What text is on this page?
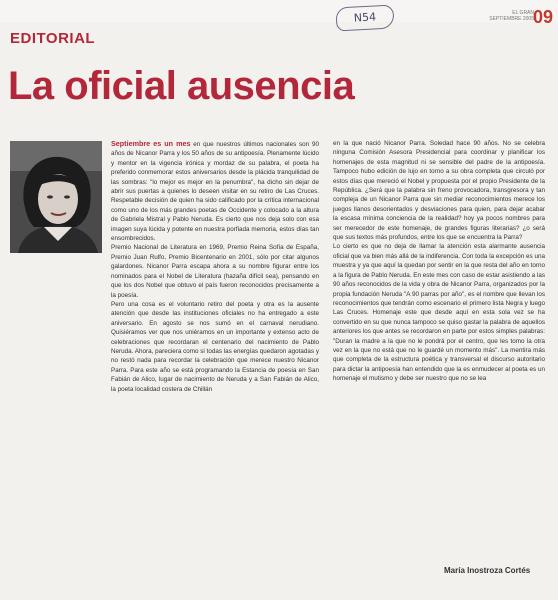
N54	EL GRAN
SEPTIEMBRE 2005 09
EDITORIAL
La oficial ausencia

Septiembre es un mes en que nuestros últimos nacionales son 90 años de Nicanor Parra y los 50 años de su antipoesía. Plenamente lúcido y mentor en la vigencia irónica y mordaz de su palabra, el poeta ha preferido conmemorar estos aniversarios desde la plácida tranquilidad de las sombras: "lo mejor es mejor en la penumbra", ha dicho sin dejar de abrir sus puertas a quienes lo deseen visitar en su retiro de Las Cruces. Respetable decisión de quien ha sido calificado por la crítica internacional como uno de los más grandes poetas de Occidente y colocado a la altura de Gabriela Mistral y Pablo Neruda. Es cierto que nos deja solo con esa imagen suya lúcida y potente en nuestra porfiada memoria, estos días tan ensombrecidos.
Premio Nacional de Literatura en 1969, Premio Reina Sofía de España, Premio Juan Rulfo, Premio Bicentenario en 2001, sólo por citar algunos galardones. Nicanor Parra escapa ahora a su nombre figurar entre los nominados para el Nobel de Literatura (hazaña difícil sea), pensando en que los dos Nobel que obtuvo el país fueron reconocidos precisamente a la poesía.
Pero una cosa es el voluntario retiro del poeta y otra es la ausente atención que desde las instituciones oficiales no ha entregado a este aniversario. En agosto se nos sumó en el carnaval nerudiano. Quisiéramos ver que nos uniéramos en un importante y extenso acto de celebraciones que recordaran el centenario del nacimiento de Pablo Neruda. Ahora, pareciera como si todas las energías quedaron agotadas y no restó nada para recordar la celebración que merece nuestro Nicanor Parra. Para este año se está programando la Estancia de poesía en San Fabián de Alico, lugar de nacimiento de Neruda y a San Fabián de Alico, la poeta localidad costera de Chillán

en la que nació Nicanor Parra. Soledad hace 90 años. No se celebra ninguna Comisión Asesora Presidencial para coordinar y planificar los homenajes de esta magnitud ni se sensible del padre de la antipoesía. Tampoco hubo edición de lujo en torno a su obra completa que circuló por estos días que mereció el Nobel y propuesta por el propio Presidente de la República. ¿Será que la palabra sin freno provocadora, transgresora y tan compleja de un Nicanor Parra que sin mediar reconocimientos merece los juegos llanos desorientados y desviaciones para quien, para dejar acabar la escasa mínima conciencia de la realidad? hoy ya pocos nombres para ser merecedor de este homenaje, de grandes figuras literarias? ¿o será que sus textos más profundos, entre los que se encuentra la Parra?
Lo cierto es que no deja de llamar la atención esta alarmante ausencia oficial que va bien más allá de la indiferencia. Con toda la excepción es una muestra y ya que aquí la quedan por sentir en la que resta del año en torno a la figura de Pablo Neruda. En este mes con caso de estar asistiendo a las 90 años reconocidos de la vida y obra de Nicanor Parra, organizados por la propia fundación Neruda "A 90 parras por año", es el nombre que llevan los reconocimientos que tendrán como escenario el primero lista Negra y luego Las Cruces. Homenaje este que desde aquí en esta sola vez se ha convertido en su que nunca tampoco se quiso gastar la palabra de aquellos anteriores los que antes se recordaron en parte por estos simples palabras: "Duran la madre a la que no le pondrá por el centro, que les tomo la otra vez en la que no está que no le guardé un momento más". La mentira más que completa de la estructura poética y transversal el discurso autoritario para dictar la antipoesía han entendido que la es enmudecer al poeta es un homenaje el mutismo y debe ser nuestro que no se lea

María Inostroza Cortés
